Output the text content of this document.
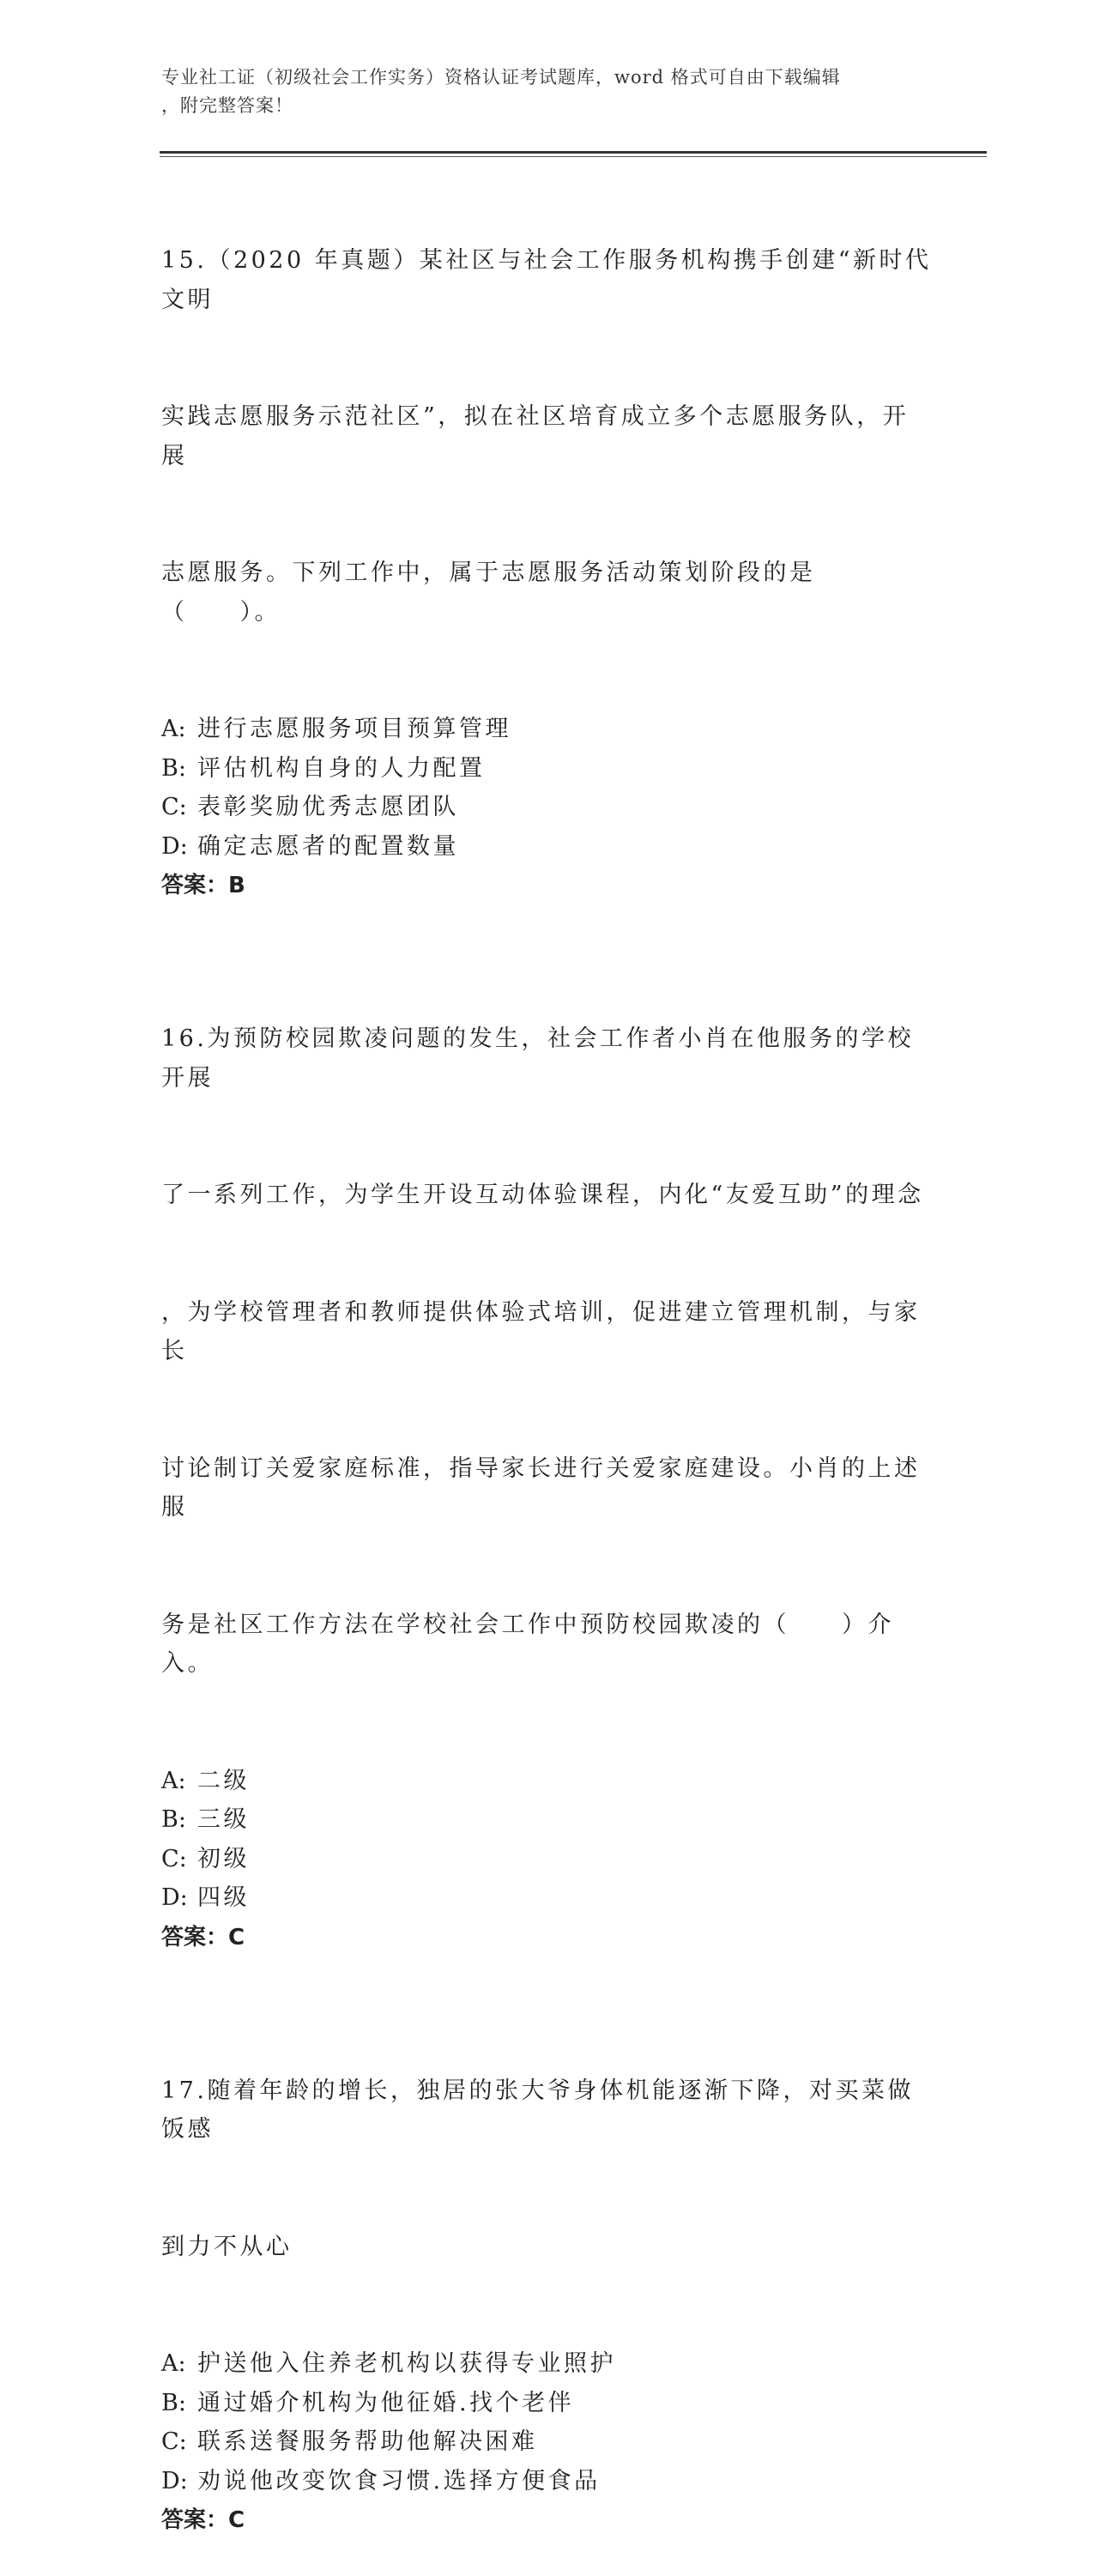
专业社工证（初级社会工作实务）资格认证考试题库，word 格式可自由下载编辑
，附完整答案！

15.（2020 年真题）某社区与社会工作服务机构携手创建“新时代文明

实践志愿服务示范社区”，拟在社区培育成立多个志愿服务队，开展

志愿服务。下列工作中，属于志愿服务活动策划阶段的是（　　）。

A: 进行志愿服务项目预算管理
B: 评估机构自身的人力配置
C: 表彰奖励优秀志愿团队
D: 确定志愿者的配置数量
答案：B

16.为预防校园欺凌问题的发生，社会工作者小肖在他服务的学校开展

了一系列工作，为学生开设互动体验课程，内化“友爱互助”的理念

，为学校管理者和教师提供体验式培训，促进建立管理机制，与家长

讨论制订关爱家庭标准，指导家长进行关爱家庭建设。小肖的上述服

务是社区工作方法在学校社会工作中预防校园欺凌的（　　）介入。

A: 二级
B: 三级
C: 初级
D: 四级
答案：C

17.随着年龄的增长，独居的张大爷身体机能逐渐下降，对买菜做饭感

到力不从心

A: 护送他入住养老机构以获得专业照护
B: 通过婚介机构为他征婚.找个老伴
C: 联系送餐服务帮助他解决困难
D: 劝说他改变饮食习惯.选择方便食品
答案：C
